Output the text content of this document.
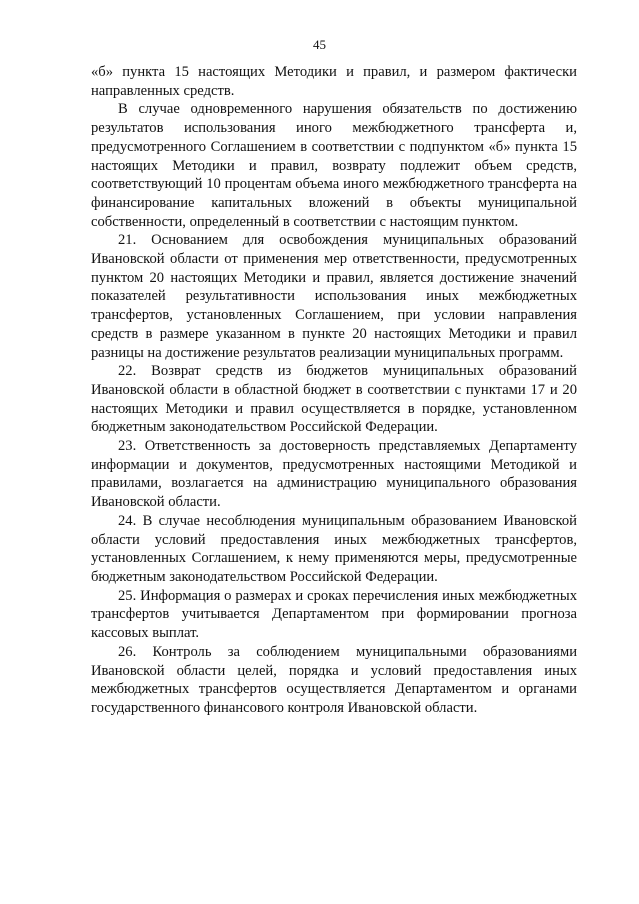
45

«б» пункта 15 настоящих Методики и правил, и размером фактически направленных средств.

В случае одновременного нарушения обязательств по достижению результатов использования иного межбюджетного трансферта и, предусмотренного Соглашением в соответствии с подпунктом «б» пункта 15 настоящих Методики и правил, возврату подлежит объем средств, соответствующий 10 процентам объема иного межбюджетного трансферта на финансирование капитальных вложений в объекты муниципальной собственности, определенный в соответствии с настоящим пунктом.

21. Основанием для освобождения муниципальных образований Ивановской области от применения мер ответственности, предусмотренных пунктом 20 настоящих Методики и правил, является достижение значений показателей результативности использования иных межбюджетных трансфертов, установленных Соглашением, при условии направления средств в размере указанном в пункте 20 настоящих Методики и правил разницы на достижение результатов реализации муниципальных программ.

22. Возврат средств из бюджетов муниципальных образований Ивановской области в областной бюджет в соответствии с пунктами 17 и 20 настоящих Методики и правил осуществляется в порядке, установленном бюджетным законодательством Российской Федерации.

23. Ответственность за достоверность представляемых Департаменту информации и документов, предусмотренных настоящими Методикой и правилами, возлагается на администрацию муниципального образования Ивановской области.

24. В случае несоблюдения муниципальным образованием Ивановской области условий предоставления иных межбюджетных трансфертов, установленных Соглашением, к нему применяются меры, предусмотренные бюджетным законодательством Российской Федерации.

25. Информация о размерах и сроках перечисления иных межбюджетных трансфертов учитывается Департаментом при формировании прогноза кассовых выплат.

26. Контроль за соблюдением муниципальными образованиями Ивановской области целей, порядка и условий предоставления иных межбюджетных трансфертов осуществляется Департаментом и органами государственного финансового контроля Ивановской области.
